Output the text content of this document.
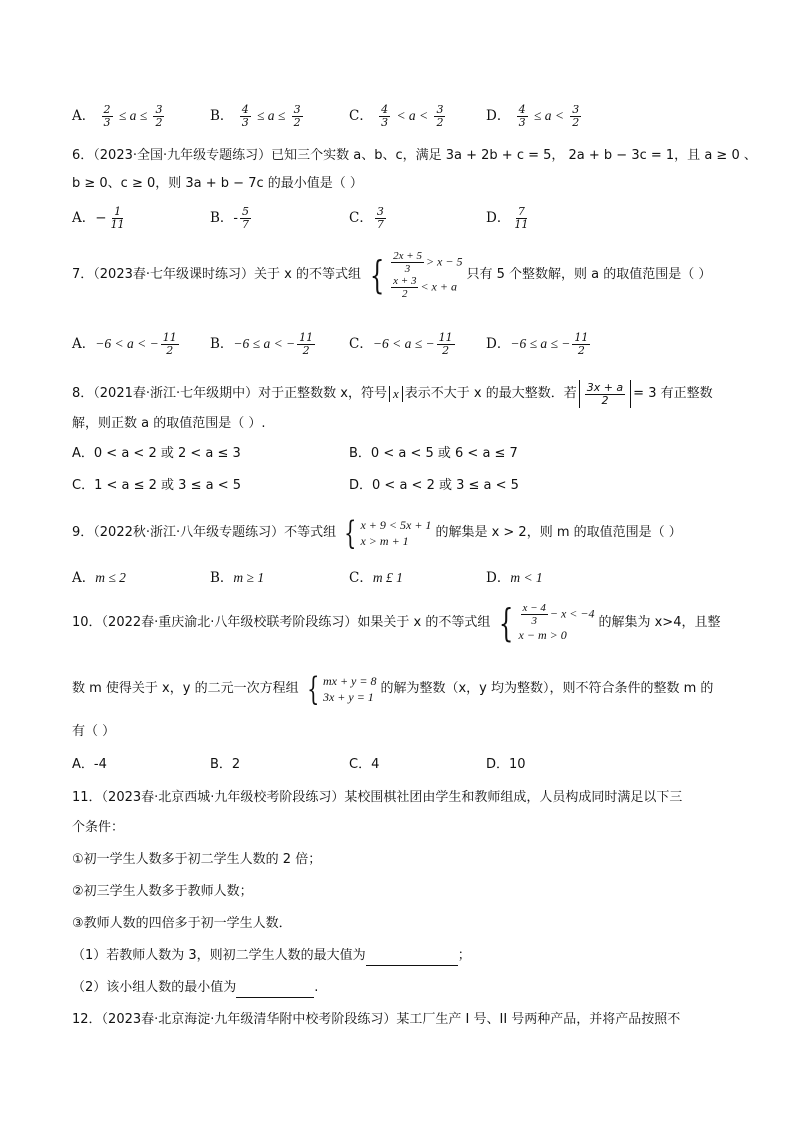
A． $\frac{2}{3} \le a \le \frac{3}{2}$	B． $\frac{4}{3} \le a \le \frac{3}{2}$	C． $\frac{4}{3} < a < \frac{3}{2}$	D． $\frac{4}{3} \le a < \frac{3}{2}$
6．（2023·全国·九年级专题练习）已知三个实数 a、b、c，满足 3a + 2b + c = 5， 2a + b − 3c = 1，且 a ≥ 0 、
b ≥ 0、c ≥ 0，则 3a + b − 7c 的最小值是（ ）
A．− $\frac{1}{11}$	B．- $\frac{5}{7}$	C． $\frac{3}{7}$	D． $\frac{7}{11}$
7．（2023春·七年级课时练习）关于 x 的不等式组 { $\frac{2x + 5}{3} > x - 5$
$\frac{x + 3}{2} < x + a$
只有 5 个整数解，则 a 的取值范围是（ ）
A．−6 < a < − $\frac{11}{2}$ B．−6 ≤ a < − $\frac{11}{2}$	C．−6 < a ≤ − $\frac{11}{2}$ D．−6 ≤ a ≤ − $\frac{11}{2}$
8．（2021春·浙江·七年级期中）对于正整数数 x，符号 x 表示不大于 x 的最大整数．若 $\frac{3x + a}{2} = 3$ 有正整数
解，则正数 a 的取值范围是（ ）.
A．0 < a < 2 或 2 < a ≤ 3	B．0 < a < 5 或 6 < a ≤ 7
C．1 < a ≤ 2 或 3 ≤ a < 5	D．0 < a < 2 或 3 ≤ a < 5
9．（2022秋·浙江·八年级专题练习）不等式组 { x + 9 < 5x + 1
x > m + 1
的解集是 x > 2，则 m 的取值范围是（ ）
A．m ≤ 2	B．m ≥ 1	C．m £ 1	D．m < 1
10．（2022春·重庆渝北·八年级校联考阶段练习）如果关于 x 的不等式组 { $\frac{x - 4}{3} - x < -4$
x − m > 0
的解集为 x>4，且整
数 m 使得关于 x，y 的二元一次方程组 { mx + y = 8
3x + y = 1
的解为整数（x，y 均为整数），则不符合条件的整数 m 的
有（ ）
A．-4	B．2	C．4	D．10
11．（2023春·北京西城·九年级校考阶段练习）某校围棋社团由学生和教师组成，人员构成同时满足以下三
个条件：
①初一学生人数多于初二学生人数的 2 倍；
②初三学生人数多于教师人数；
③教师人数的四倍多于初一学生人数．
（1）若教师人数为 3，则初二学生人数的最大值为	；
（2）该小组人数的最小值为	.
12．（2023春·北京海淀·九年级清华附中校考阶段练习）某工厂生产 I 号、II 号两种产品，并将产品按照不
